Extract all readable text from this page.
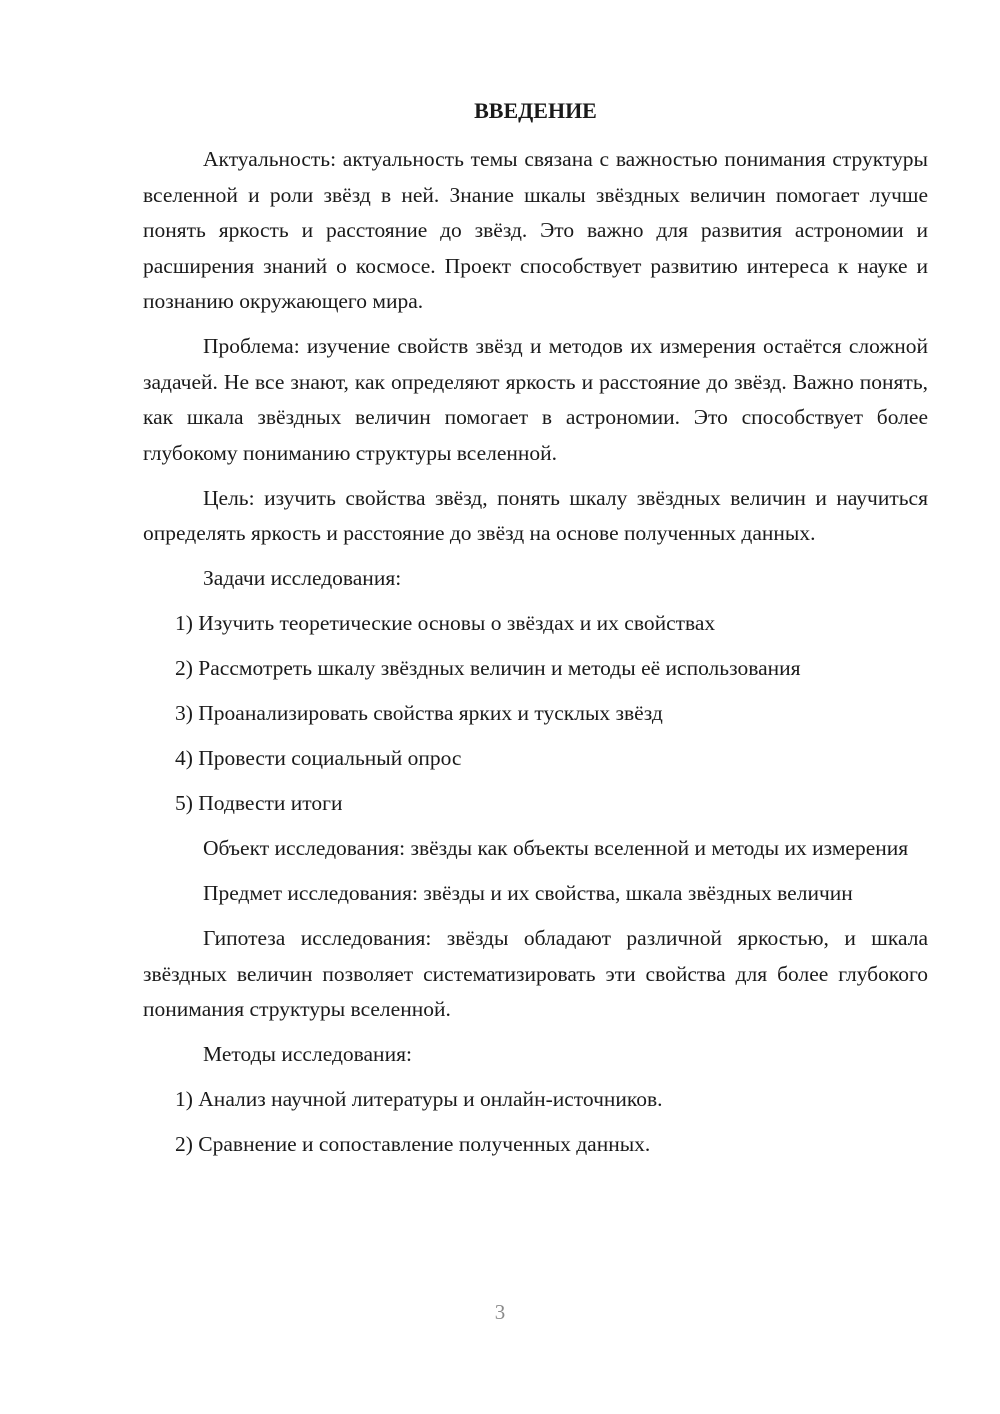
ВВЕДЕНИЕ

Актуальность: актуальность темы связана с важностью понимания структуры вселенной и роли звёзд в ней. Знание шкалы звёздных величин помогает лучше понять яркость и расстояние до звёзд. Это важно для развития астрономии и расширения знаний о космосе. Проект способствует развитию интереса к науке и познанию окружающего мира.

Проблема: изучение свойств звёзд и методов их измерения остаётся сложной задачей. Не все знают, как определяют яркость и расстояние до звёзд. Важно понять, как шкала звёздных величин помогает в астрономии. Это способствует более глубокому пониманию структуры вселенной.

Цель: изучить свойства звёзд, понять шкалу звёздных величин и научиться определять яркость и расстояние до звёзд на основе полученных данных.

Задачи исследования:

1) Изучить теоретические основы о звёздах и их свойствах

2) Рассмотреть шкалу звёздных величин и методы её использования

3) Проанализировать свойства ярких и тусклых звёзд

4) Провести социальный опрос

5) Подвести итоги

Объект исследования: звёзды как объекты вселенной и методы их измерения

Предмет исследования: звёзды и их свойства, шкала звёздных величин

Гипотеза исследования: звёзды обладают различной яркостью, и шкала звёздных величин позволяет систематизировать эти свойства для более глубокого понимания структуры вселенной.

Методы исследования:

1) Анализ научной литературы и онлайн-источников.

2) Сравнение и сопоставление полученных данных.

3
